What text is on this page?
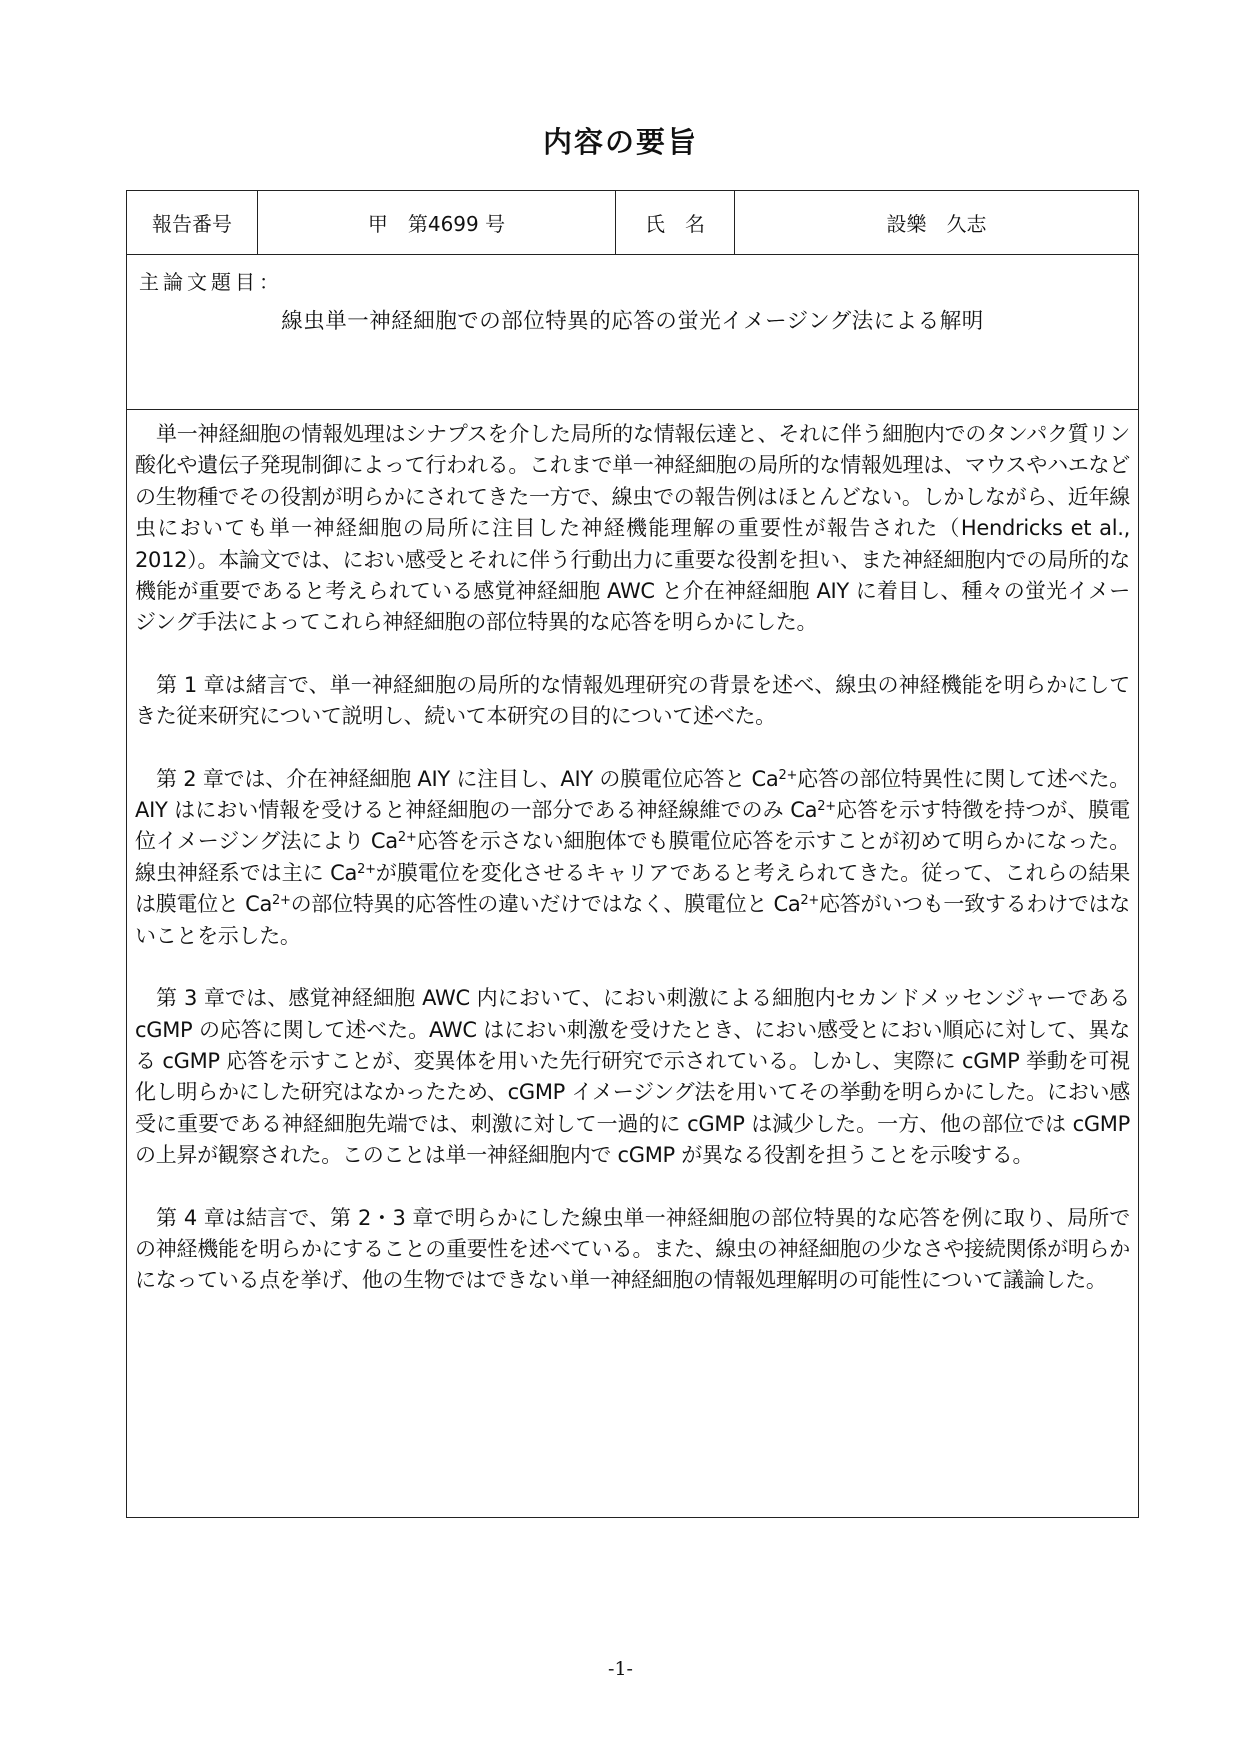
内容の要旨
報告番号	甲　第4699 号	氏　名	設樂　久志
主論文題目：
線虫単一神経細胞での部位特異的応答の蛍光イメージング法による解明

単一神経細胞の情報処理はシナプスを介した局所的な情報伝達と、それに伴う細胞内でのタンパク質リン酸化や遺伝子発現制御によって行われる。これまで単一神経細胞の局所的な情報処理は、マウスやハエなどの生物種でその役割が明らかにされてきた一方で、線虫での報告例はほとんどない。しかしながら、近年線虫においても単一神経細胞の局所に注目した神経機能理解の重要性が報告された（Hendricks et al., 2012）。本論文では、におい感受とそれに伴う行動出力に重要な役割を担い、また神経細胞内での局所的な機能が重要であると考えられている感覚神経細胞 AWC と介在神経細胞 AIY に着目し、種々の蛍光イメージング手法によってこれら神経細胞の部位特異的な応答を明らかにした。

第 1 章は緒言で、単一神経細胞の局所的な情報処理研究の背景を述べ、線虫の神経機能を明らかにしてきた従来研究について説明し、続いて本研究の目的について述べた。

第 2 章では、介在神経細胞 AIY に注目し、AIY の膜電位応答と $Ca^{2+}$応答の部位特異性に関して述べた。AIY はにおい情報を受けると神経細胞の一部分である神経線維でのみ $Ca^{2+}$応答を示す特徴を持つが、膜電位イメージング法により $Ca^{2+}$応答を示さない細胞体でも膜電位応答を示すことが初めて明らかになった。線虫神経系では主に $Ca^{2+}$が膜電位を変化させるキャリアであると考えられてきた。従って、これらの結果は膜電位と $Ca^{2+}$の部位特異的応答性の違いだけではなく、膜電位と $Ca^{2+}$応答がいつも一致するわけではないことを示した。

第 3 章では、感覚神経細胞 AWC 内において、におい刺激による細胞内セカンドメッセンジャーである cGMP の応答に関して述べた。AWC はにおい刺激を受けたとき、におい感受とにおい順応に対して、異なる cGMP 応答を示すことが、変異体を用いた先行研究で示されている。しかし、実際に cGMP 挙動を可視化し明らかにした研究はなかったため、cGMP イメージング法を用いてその挙動を明らかにした。におい感受に重要である神経細胞先端では、刺激に対して一過的に cGMP は減少した。一方、他の部位では cGMP の上昇が観察された。このことは単一神経細胞内で cGMP が異なる役割を担うことを示唆する。

第 4 章は結言で、第 2・3 章で明らかにした線虫単一神経細胞の部位特異的な応答を例に取り、局所での神経機能を明らかにすることの重要性を述べている。また、線虫の神経細胞の少なさや接続関係が明らかになっている点を挙げ、他の生物ではできない単一神経細胞の情報処理解明の可能性について議論した。

-1-
